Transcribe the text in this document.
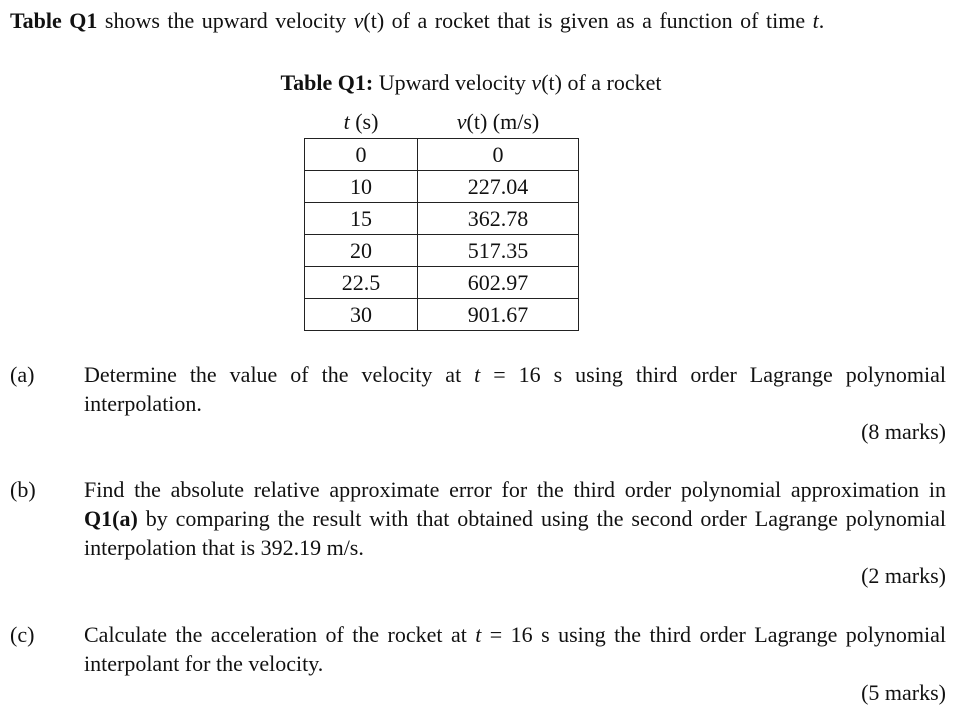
Table Q1 shows the upward velocity v(t) of a rocket that is given as a function of time t.
Table Q1: Upward velocity v(t) of a rocket
t (s)	v(t) (m/s)
0	0
10	227.04
15	362.78
20	517.35
22.5	602.97
30	901.67
(a) Determine the value of the velocity at t = 16 s using third order Lagrange polynomial interpolation.
(8 marks)
(b) Find the absolute relative approximate error for the third order polynomial approximation in Q1(a) by comparing the result with that obtained using the second order Lagrange polynomial interpolation that is 392.19 m/s.
(2 marks)
(c) Calculate the acceleration of the rocket at t = 16 s using the third order Lagrange polynomial interpolant for the velocity.
(5 marks)
